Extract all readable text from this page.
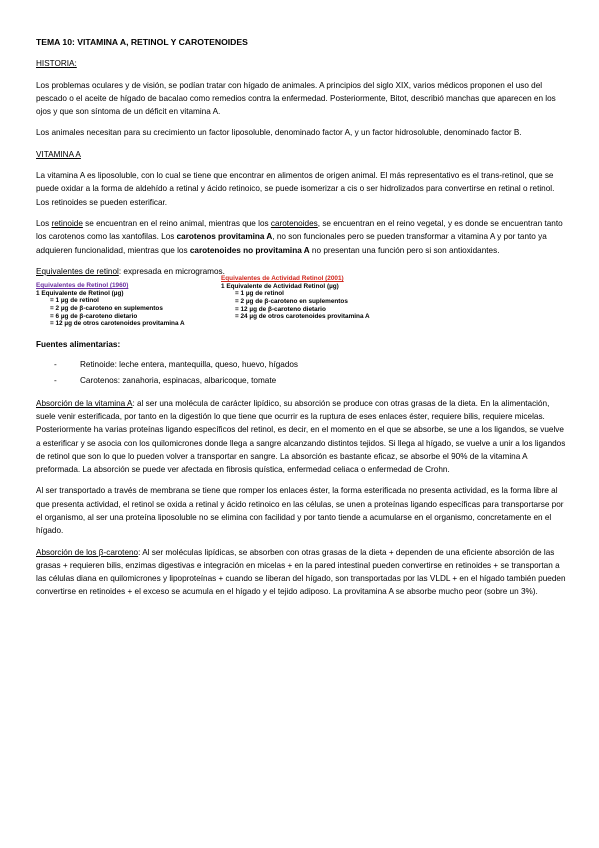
TEMA 10: VITAMINA A, RETINOL Y CAROTENOIDES
HISTORIA:

Los problemas oculares y de visión, se podían tratar con hígado de animales. A principios del siglo XIX, varios médicos proponen el uso del pescado o el aceite de hígado de bacalao como remedios contra la enfermedad. Posteriormente, Bitot, describió manchas que aparecen en los ojos y que son síntoma de un déficit en vitamina A.

Los animales necesitan para su crecimiento un factor liposoluble, denominado factor A, y un factor hidrosoluble, denominado factor B.

VITAMINA A

La vitamina A es liposoluble, con lo cual se tiene que encontrar en alimentos de origen animal. El más representativo es el trans-retinol, que se puede oxidar a la forma de aldehído a retinal y ácido retinoico, se puede isomerizar a cis o ser hidrolizados para convertirse en retinal o retinol. Los retinoides se pueden esterificar.

Los retinoide se encuentran en el reino animal, mientras que los carotenoides, se encuentran en el reino vegetal, y es donde se encuentran tanto los carotenos como las xantofilas. Los carotenos provitamina A, no son funcionales pero se pueden transformar a vitamina A y por tanto ya adquieren funcionalidad, mientras que los carotenoides no provitamina A no presentan una función pero si son antioxidantes.

Equivalentes de retinol: expresada en microgramos.

Equivalentes de Retinol (1960)
1 Equivalente de Retinol (µg)
= 1 µg de retinol
= 2 µg de β-caroteno en suplementos
= 6 µg de β-caroteno dietario
= 12 µg de otros carotenoides provitamina A
Equivalentes de Actividad Retinol (2001)
1 Equivalente de Actividad Retinol (µg)
= 1 µg de retinol
= 2 µg de β-caroteno en suplementos
= 12 µg de β-caroteno dietario
= 24 µg de otros carotenoides provitamina A
Fuentes alimentarias:
-	Retinoide: leche entera, mantequilla, queso, huevo, hígados
-	Carotenos: zanahoria, espinacas, albaricoque, tomate

Absorción de la vitamina A: al ser una molécula de carácter lipídico, su absorción se produce con otras grasas de la dieta. En la alimentación, suele venir esterificada, por tanto en la digestión lo que tiene que ocurrir es la ruptura de eses enlaces éster, requiere bilis, requiere micelas. Posteriormente ha varias proteínas ligando específicos del retinol, es decir, en el momento en el que se absorbe, se une a los ligandos, se vuelve a esterificar y se asocia con los quilomicrones donde llega a sangre alcanzando distintos tejidos. Si llega al hígado, se vuelve a unir a los ligandos de retinol que son lo que lo pueden volver a transportar en sangre. La absorción es bastante eficaz, se absorbe el 90% de la vitamina A preformada. La absorción se puede ver afectada en fibrosis quística, enfermedad celiaca o enfermedad de Crohn.

Al ser transportado a través de membrana se tiene que romper los enlaces éster, la forma esterificada no presenta actividad, es la forma libre al que presenta actividad, el retinol se oxida a retinal y ácido retinoico en las células, se unen a proteínas ligando específicas para transportarse por el organismo, al ser una proteína liposoluble no se elimina con facilidad y por tanto tiende a acumularse en el organismo, concretamente en el hígado.

Absorción de los β-caroteno: Al ser moléculas lipídicas, se absorben con otras grasas de la dieta + dependen de una eficiente absorción de las grasas + requieren bilis, enzimas digestivas e integración en micelas + en la pared intestinal pueden convertirse en retinoides + se transportan a las células diana en quilomicrones y lipoproteínas + cuando se liberan del hígado, son transportadas por las VLDL + en el hígado también pueden convertirse en retinoides + el exceso se acumula en el hígado y el tejido adiposo. La provitamina A se absorbe mucho peor (sobre un 3%).
